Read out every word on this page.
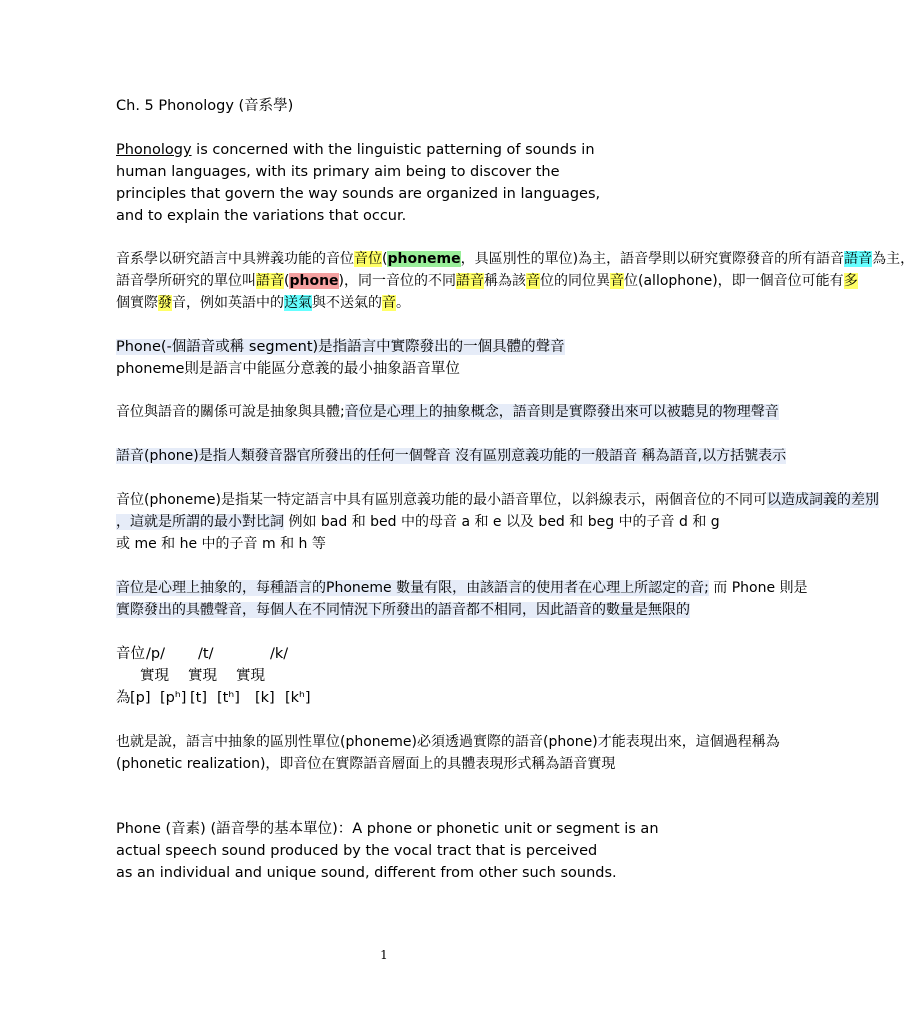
Ch. 5 Phonology (音系學)
Phonology is concerned with the linguistic patterning of sounds in
human languages, with its primary aim being to discover the
principles that govern the way sounds are organized in languages,
and to explain the variations that occur.
音系學以研究語言中具辨義功能的音位音位(phoneme，具區別性的單位)為主，語音學則以研究實際發音的所有語音語音為主，
語音學所研究的單位叫語音(phone)，同一音位的不同語音稱為該音位的同位異音位(allophone)，即一個音位可能有多
個實際發音，例如英語中的送氣與不送氣的音。
Phone(-個語音或稱 segment)是指語言中實際發出的一個具體的聲音
phoneme則是語言中能區分意義的最小抽象語音單位
音位與語音的關係可說是抽象與具體;音位是心理上的抽象概念，語音則是實際發出來可以被聽見的物理聲音
語音(phone)是指人類發音器官所發出的任何一個聲音 沒有區別意義功能的一般語音 稱為語音,以方括號表示
音位(phoneme)是指某一特定語言中具有區別意義功能的最小語音單位，以斜線表示，兩個音位的不同可以造成詞義的差別
，這就是所謂的最小對比詞 例如 bad 和 bed 中的母音 a 和 e 以及 bed 和 beg 中的子音 d 和 g
或 me 和 he 中的子音 m 和 h 等
音位是心理上抽象的，每種語言的Phoneme 數量有限，由該語言的使用者在心理上所認定的音; 而 Phone 則是
實際發出的具體聲音，每個人在不同情況下所發出的語音都不相同，因此語音的數量是無限的
音位/p/ /t/	/k/
實現 實現 實現
為[p] [pʰ] [t] [tʰ] [k] [kʰ]
也就是說，語言中抽象的區別性單位(phoneme)必須透過實際的語音(phone)才能表現出來，這個過程稱為
(phonetic realization)，即音位在實際語音層面上的具體表現形式稱為語音實現
Phone (音素) (語音學的基本單位)：A phone or phonetic unit or segment is an
actual speech sound produced by the vocal tract that is perceived
as an individual and unique sound, different from other such sounds.
1
